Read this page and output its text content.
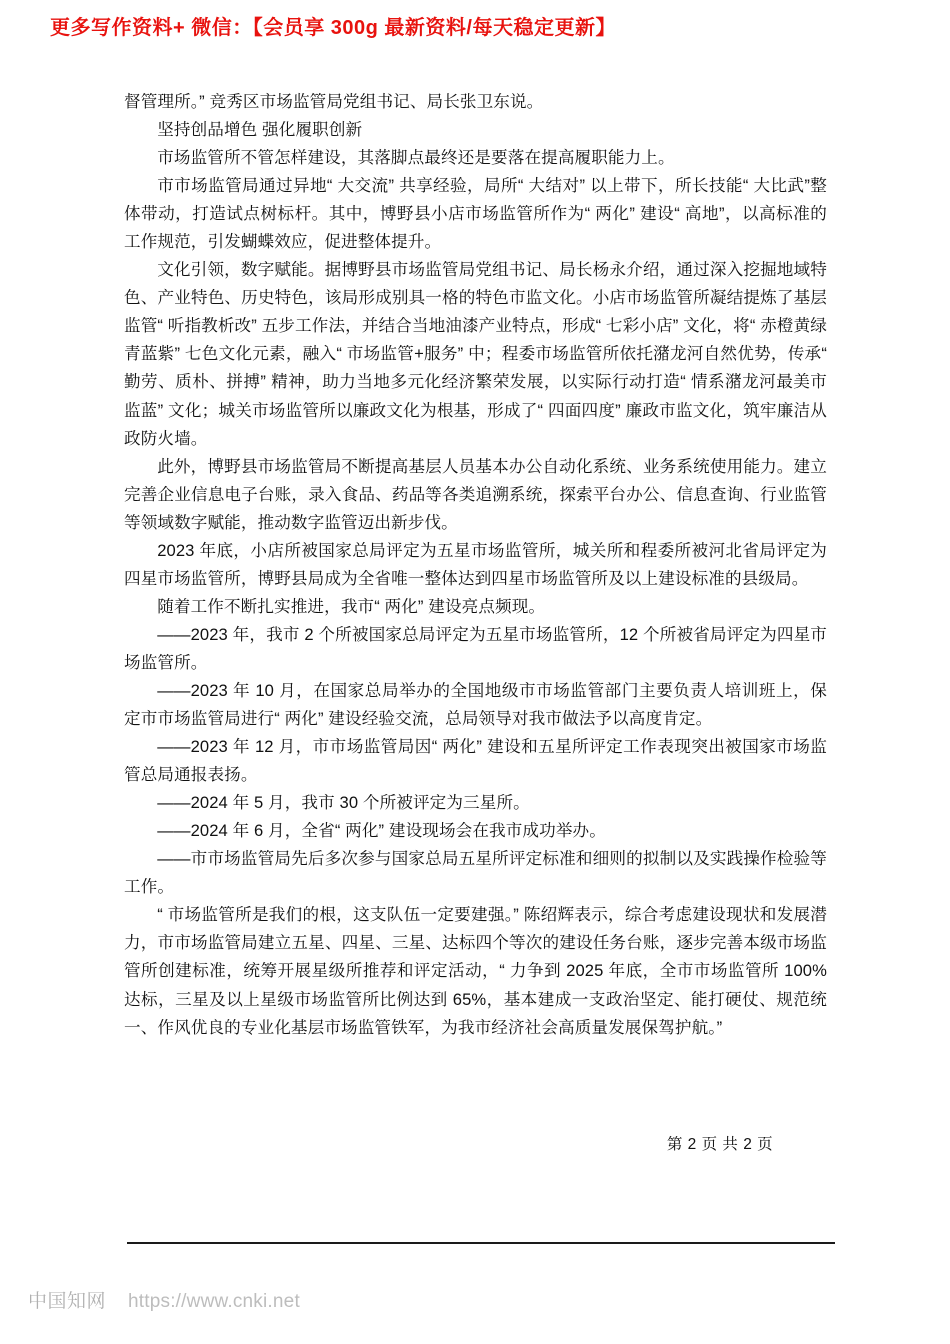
更多写作资料+ 微信：【会员享 300g 最新资料/每天稳定更新】

督管理所。” 竞秀区市场监管局党组书记、局长张卫东说。

坚持创品增色 强化履职创新

市场监管所不管怎样建设，其落脚点最终还是要落在提高履职能力上。

市市场监管局通过异地“ 大交流” 共享经验，局所“ 大结对” 以上带下，所长技能“ 大比武”整体带动，打造试点树标杆。其中，博野县小店市场监管所作为“ 两化” 建设“ 高地”，以高标准的工作规范，引发蝴蝶效应，促进整体提升。

文化引领，数字赋能。据博野县市场监管局党组书记、局长杨永介绍，通过深入挖掘地域特色、产业特色、历史特色，该局形成别具一格的特色市监文化。小店市场监管所凝结提炼了基层监管“ 听指教析改” 五步工作法，并结合当地油漆产业特点，形成“ 七彩小店” 文化，将“ 赤橙黄绿青蓝紫” 七色文化元素，融入“ 市场监管+服务” 中；程委市场监管所依托潴龙河自然优势，传承“ 勤劳、质朴、拼搏” 精神，助力当地多元化经济繁荣发展，以实际行动打造“ 情系潴龙河最美市监蓝” 文化；城关市场监管所以廉政文化为根基，形成了“ 四面四度” 廉政市监文化，筑牢廉洁从政防火墙。

此外，博野县市场监管局不断提高基层人员基本办公自动化系统、业务系统使用能力。建立完善企业信息电子台账，录入食品、药品等各类追溯系统，探索平台办公、信息查询、行业监管等领域数字赋能，推动数字监管迈出新步伐。

2023 年底，小店所被国家总局评定为五星市场监管所，城关所和程委所被河北省局评定为四星市场监管所，博野县局成为全省唯一整体达到四星市场监管所及以上建设标准的县级局。

随着工作不断扎实推进，我市“ 两化” 建设亮点频现。

——2023 年，我市 2 个所被国家总局评定为五星市场监管所，12 个所被省局评定为四星市场监管所。

——2023 年 10 月，在国家总局举办的全国地级市市场监管部门主要负责人培训班上，保定市市场监管局进行“ 两化” 建设经验交流，总局领导对我市做法予以高度肯定。

——2023 年 12 月，市市场监管局因“ 两化” 建设和五星所评定工作表现突出被国家市场监管总局通报表扬。

——2024 年 5 月，我市 30 个所被评定为三星所。

——2024 年 6 月，全省“ 两化” 建设现场会在我市成功举办。

——市市场监管局先后多次参与国家总局五星所评定标准和细则的拟制以及实践操作检验等工作。

“ 市场监管所是我们的根，这支队伍一定要建强。” 陈绍辉表示，综合考虑建设现状和发展潜力，市市场监管局建立五星、四星、三星、达标四个等次的建设任务台账，逐步完善本级市场监管所创建标准，统筹开展星级所推荐和评定活动，“ 力争到 2025 年底，全市市场监管所 100% 达标，三星及以上星级市场监管所比例达到 65%，基本建成一支政治坚定、能打硬仗、规范统一、作风优良的专业化基层市场监管铁军，为我市经济社会高质量发展保驾护航。”

第 2 页 共 2 页
中国知网 https://www.cnki.net
